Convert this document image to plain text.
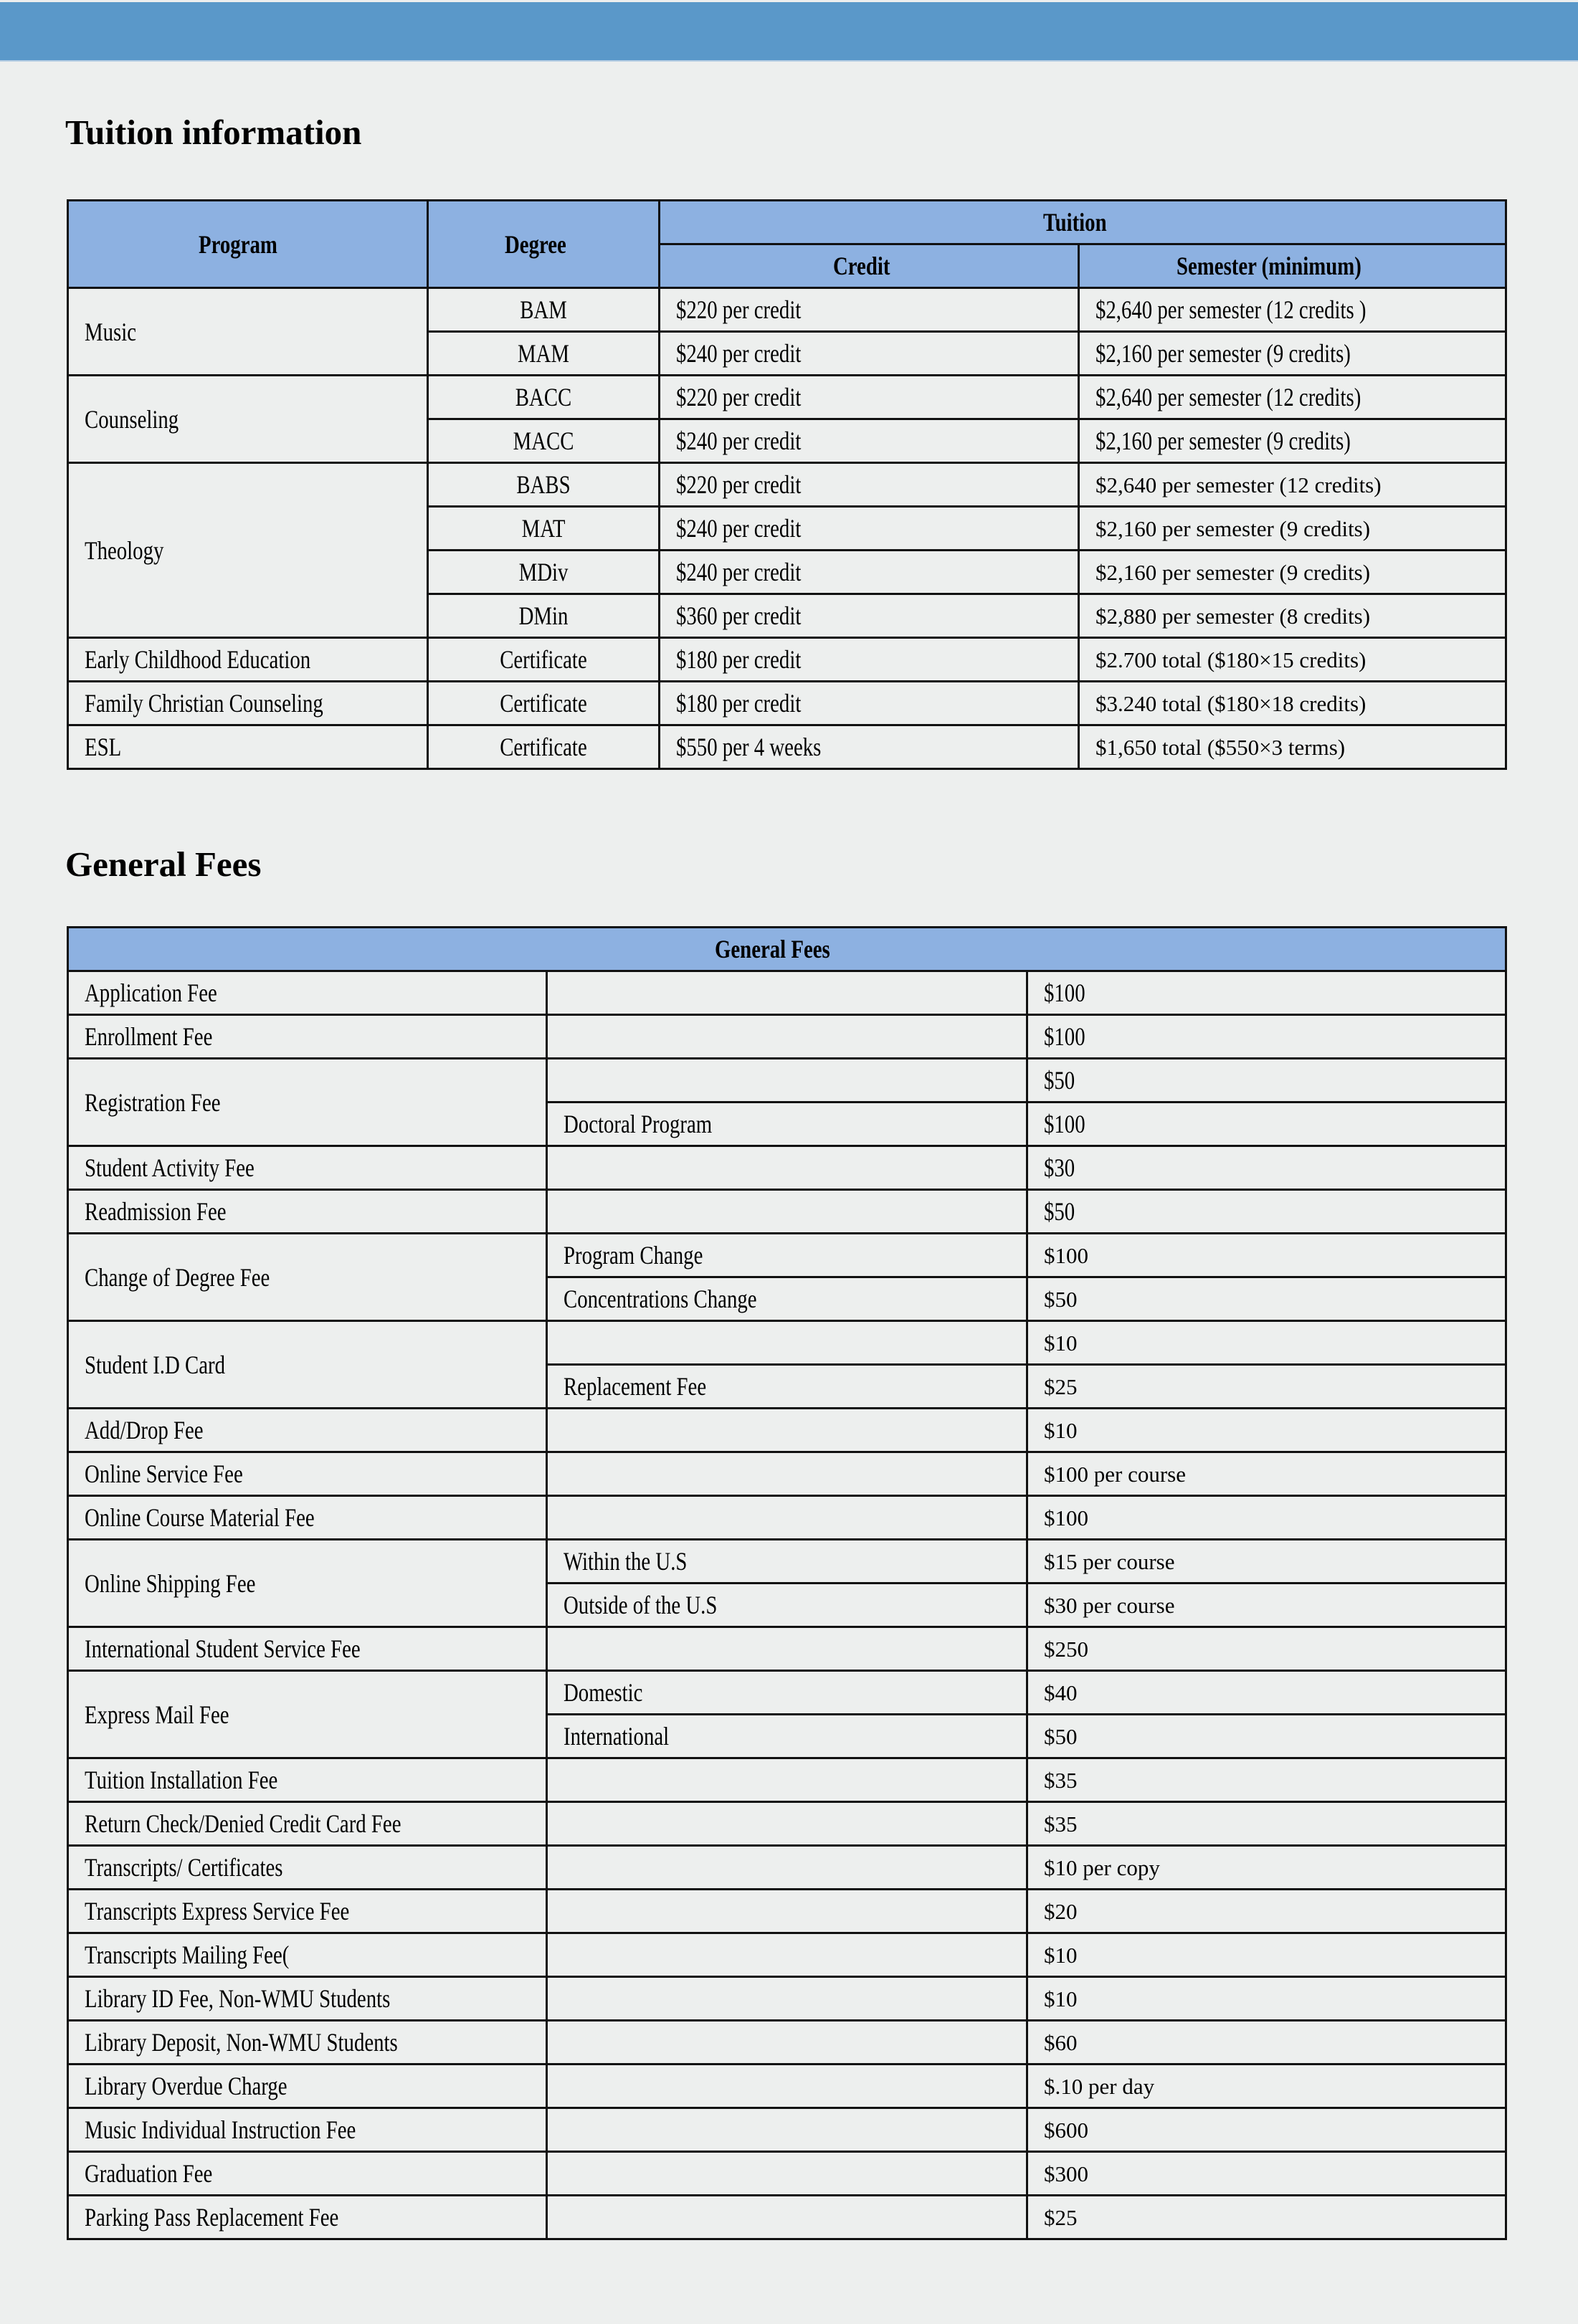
Tuition information
Program	Degree	Tuition	
		Credit	Semester (minimum)
Music	BAM	$220 per credit	$2,640 per semester (12 credits )
	MAM	$240 per credit	$2,160 per semester (9 credits)
Counseling	BACC	$220 per credit	$2,640 per semester (12 credits)
	MACC	$240 per credit	$2,160 per semester (9 credits)
Theology	BABS	$220 per credit	$2,640 per semester (12 credits)
	MAT	$240 per credit	$2,160 per semester (9 credits)
	MDiv	$240 per credit	$2,160 per semester (9 credits)
	DMin	$360 per credit	$2,880 per semester (8 credits)
Early Childhood Education	Certificate	$180 per credit	$2.700 total ($180×15 credits)
Family Christian Counseling	Certificate	$180 per credit	$3.240 total ($180×18 credits)
ESL	Certificate	$550 per 4 weeks	$1,650 total ($550×3 terms)
General Fees
General Fees		
Application Fee		$100
Enrollment Fee		$100
Registration Fee		$50
	Doctoral Program	$100
Student Activity Fee		$30
Readmission Fee		$50
Change of Degree Fee	Program Change	$100
	Concentrations Change	$50
Student I.D Card		$10
	Replacement Fee	$25
Add/Drop Fee		$10
Online Service Fee		$100 per course
Online Course Material Fee		$100
Online Shipping Fee	Within the U.S	$15 per course
	Outside of the U.S	$30 per course
International Student Service Fee		$250
Express Mail Fee	Domestic	$40
	International	$50
Tuition Installation Fee		$35
Return Check/Denied Credit Card Fee		$35
Transcripts/ Certificates		$10 per copy
Transcripts Express Service Fee		$20
Transcripts Mailing Fee(		$10
Library ID Fee, Non-WMU Students		$10
Library Deposit, Non-WMU Students		$60
Library Overdue Charge		$.10 per day
Music Individual Instruction Fee		$600
Graduation Fee		$300
Parking Pass Replacement Fee		$25
